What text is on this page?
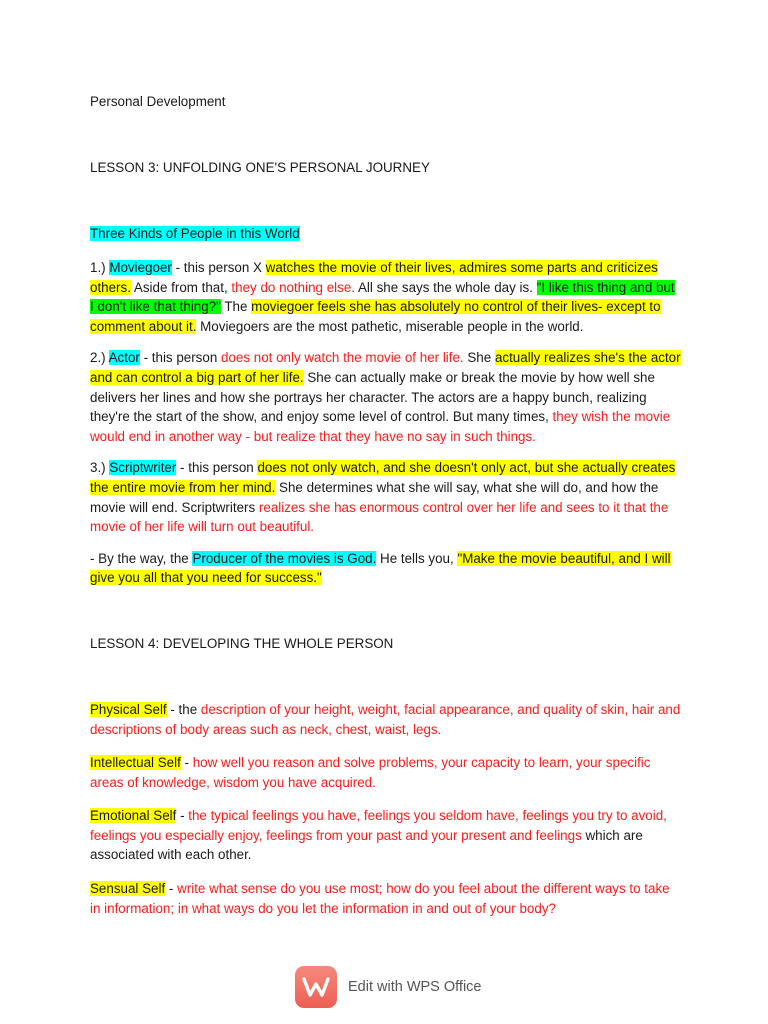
Personal Development
LESSON 3: UNFOLDING ONE'S PERSONAL JOURNEY
Three Kinds of People in this World

1.) Moviegoer - this person X watches the movie of their lives, admires some parts and criticizes others. Aside from that, they do nothing else. All she says the whole day is. "I like this thing and but I don't like that thing?" The moviegoer feels she has absolutely no control of their lives- except to comment about it. Moviegoers are the most pathetic, miserable people in the world.

2.) Actor - this person does not only watch the movie of her life. She actually realizes she's the actor and can control a big part of her life. She can actually make or break the movie by how well she delivers her lines and how she portrays her character. The actors are a happy bunch, realizing they're the start of the show, and enjoy some level of control. But many times, they wish the movie would end in another way - but realize that they have no say in such things.

3.) Scriptwriter - this person does not only watch, and she doesn't only act, but she actually creates the entire movie from her mind. She determines what she will say, what she will do, and how the movie will end. Scriptwriters realizes she has enormous control over her life and sees to it that the movie of her life will turn out beautiful.

- By the way, the Producer of the movies is God. He tells you, "Make the movie beautiful, and I will give you all that you need for success."

LESSON 4: DEVELOPING THE WHOLE PERSON

Physical Self - the description of your height, weight, facial appearance, and quality of skin, hair and descriptions of body areas such as neck, chest, waist, legs.

Intellectual Self - how well you reason and solve problems, your capacity to learn, your specific areas of knowledge, wisdom you have acquired.

Emotional Self - the typical feelings you have, feelings you seldom have, feelings you try to avoid, feelings you especially enjoy, feelings from your past and your present and feelings which are associated with each other.

Sensual Self - write what sense do you use most; how do you feel about the different ways to take in information; in what ways do you let the information in and out of your body?

Edit with WPS Office
